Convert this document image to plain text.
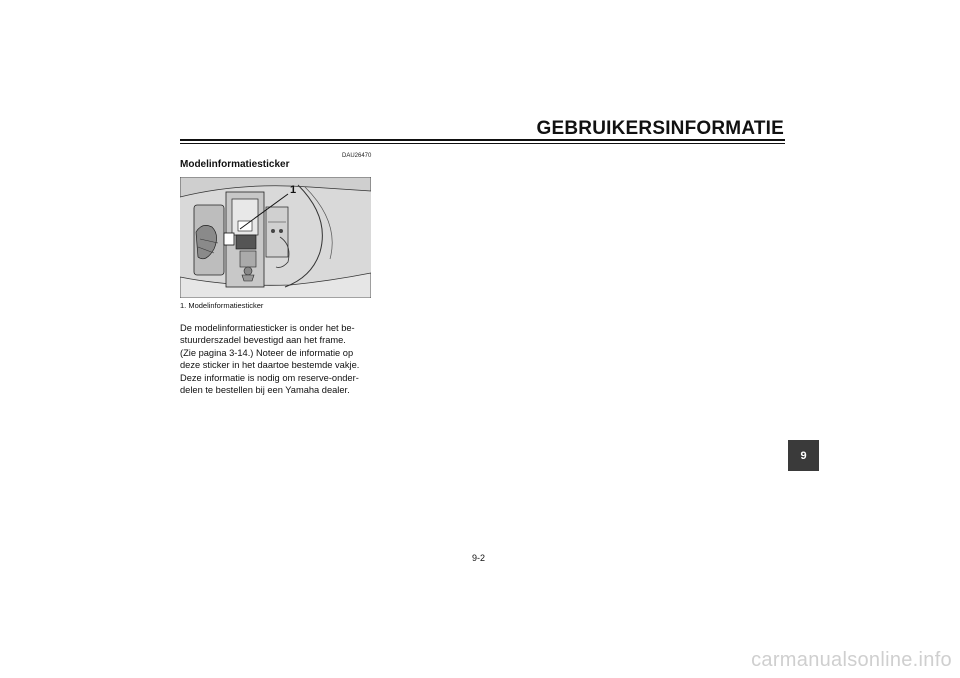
GEBRUIKERSINFORMATIE
DAU26470
Modelinformatiesticker
1
1. Modelinformatiesticker
De modelinformatiesticker is onder het be-
stuurderszadel bevestigd aan het frame.
(Zie pagina 3-14.) Noteer de informatie op
deze sticker in het daartoe bestemde vakje.
Deze informatie is nodig om reserve-onder-
delen te bestellen bij een Yamaha dealer.
9
9-2
carmanualsonline.info
